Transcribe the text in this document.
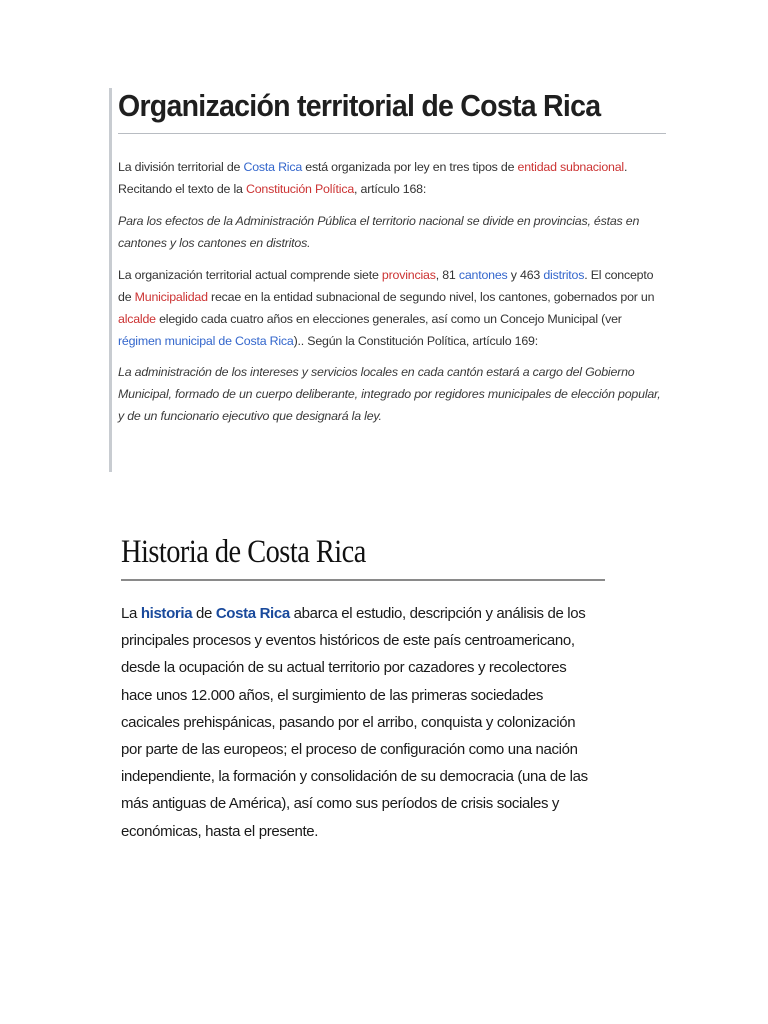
Organización territorial de Costa Rica

La división territorial de Costa Rica está organizada por ley en tres tipos de entidad subnacional. Recitando el texto de la Constitución Política, artículo 168:

Para los efectos de la Administración Pública el territorio nacional se divide en provincias, éstas en cantones y los cantones en distritos.

La organización territorial actual comprende siete provincias, 81 cantones y 463 distritos. El concepto de Municipalidad recae en la entidad subnacional de segundo nivel, los cantones, gobernados por un alcalde elegido cada cuatro años en elecciones generales, así como un Concejo Municipal (ver régimen municipal de Costa Rica).. Según la Constitución Política, artículo 169:

La administración de los intereses y servicios locales en cada cantón estará a cargo del Gobierno Municipal, formado de un cuerpo deliberante, integrado por regidores municipales de elección popular, y de un funcionario ejecutivo que designará la ley.

Historia de Costa Rica

La historia de Costa Rica abarca el estudio, descripción y análisis de los principales procesos y eventos históricos de este país centroamericano, desde la ocupación de su actual territorio por cazadores y recolectores hace unos 12.000 años, el surgimiento de las primeras sociedades cacicales prehispánicas, pasando por el arribo, conquista y colonización por parte de las europeos; el proceso de configuración como una nación independiente, la formación y consolidación de su democracia (una de las más antiguas de América), así como sus períodos de crisis sociales y económicas, hasta el presente.
